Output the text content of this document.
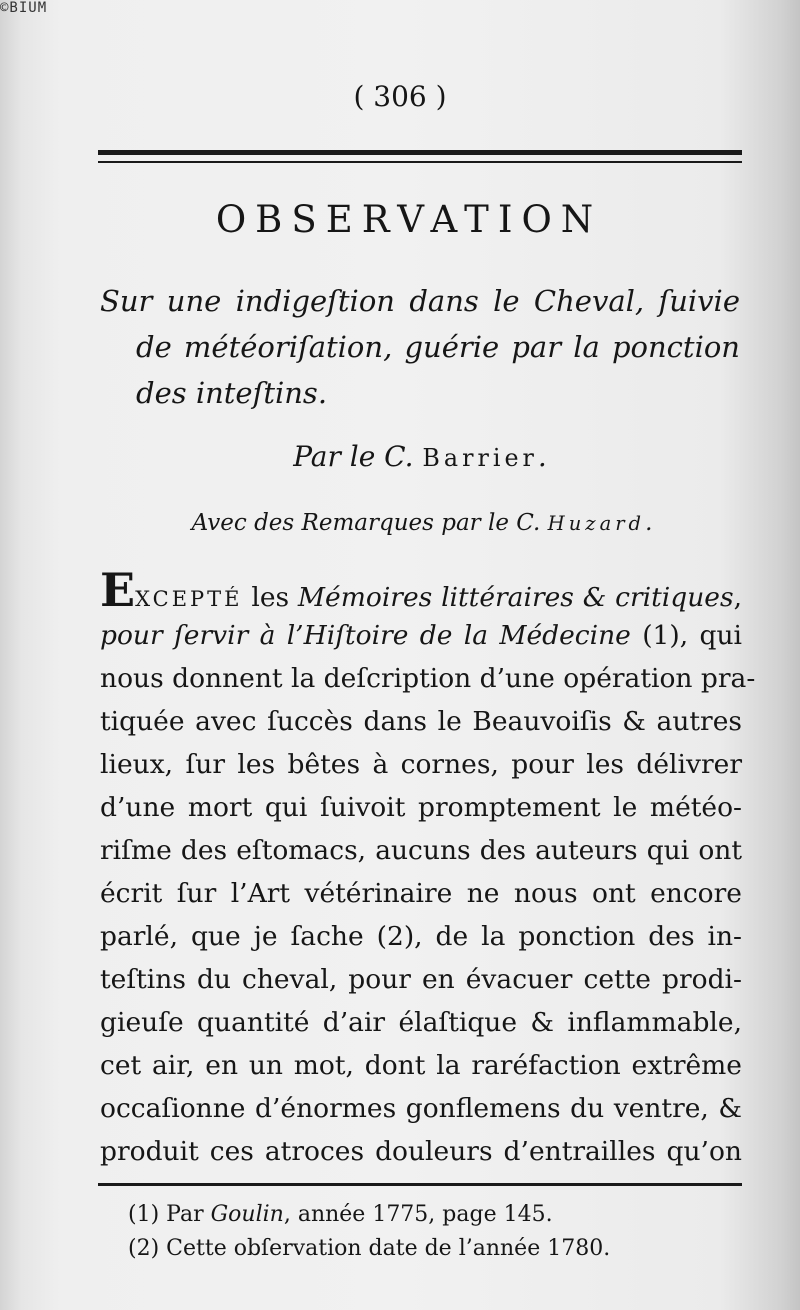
©BIUM
( 306 )
OBSERVATION
Sur une indigeſtion dans le Cheval, ſuivie de météoriſation, guérie par la ponction des inteſtins.
Par le C. Barrier.
Avec des Remarques par le C. Huzard.
EXCEPTÉ les Mémoires littéraires & critiques,
pour ſervir à l’Hiſtoire de la Médecine (1), qui
nous donnent la deſcription d’une opération pra-
tiquée avec ſuccès dans le Beauvoiſis & autres
lieux, ſur les bêtes à cornes, pour les délivrer
d’une mort qui ſuivoit promptement le météo-
riſme des eſtomacs, aucuns des auteurs qui ont
écrit ſur l’Art vétérinaire ne nous ont encore
parlé, que je ſache (2), de la ponction des in-
teſtins du cheval, pour en évacuer cette prodi-
gieuſe quantité d’air élaſtique & inflammable,
cet air, en un mot, dont la raréfaction extrême
occaſionne d’énormes gonflemens du ventre, &
produit ces atroces douleurs d’entrailles qu’on
(1) Par Goulin, année 1775, page 145.
(2) Cette obſervation date de l’année 1780.
